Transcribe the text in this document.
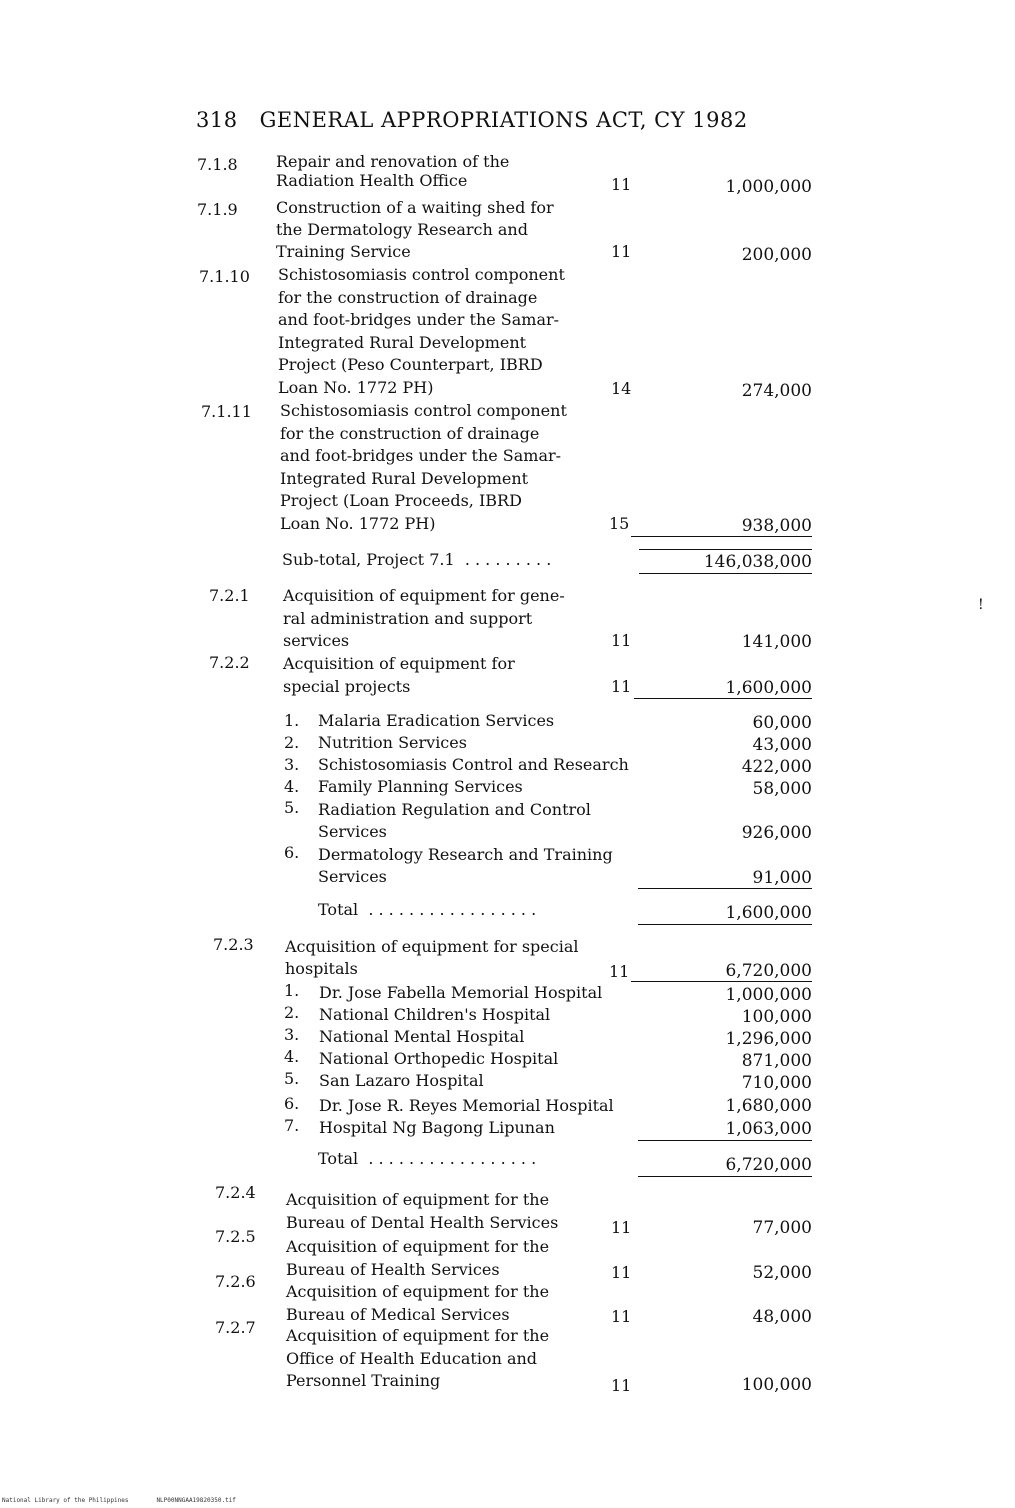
318 GENERAL APPROPRIATIONS ACT, CY 1982
7.1.8 Repair and renovation of the
Radiation Health Office	11	1,000,000
7.1.9 Construction of a waiting shed for
the Dermatology Research and
Training Service	11	200,000
7.1.10 Schistosomiasis control component
for the construction of drainage
and foot-bridges under the Samar-
Integrated Rural Development
Project (Peso Counterpart, IBRD
Loan No. 1772 PH)	14	274,000
7.1.11 Schistosomiasis control component
for the construction of drainage
and foot-bridges under the Samar-
Integrated Rural Development
Project (Loan Proceeds, IBRD
Loan No. 1772 PH)	15	938,000
Sub-total, Project 7.1 . . . . . . . . .	146,038,000
7.2.1 Acquisition of equipment for gene-
ral administration and support
services	11	141,000
7.2.2 Acquisition of equipment for
special projects	11	1,600,000
1. Malaria Eradication Services	60,000
2. Nutrition Services	43,000
3. Schistosomiasis Control and Research	422,000
4. Family Planning Services	58,000
5. Radiation Regulation and Control
Services	926,000
6. Dermatology Research and Training
Services	91,000
Total . . . . . . . . . . . . . . . . .	1,600,000
7.2.3 Acquisition of equipment for special
hospitals	11	6,720,000
1. Dr. Jose Fabella Memorial Hospital	1,000,000
2. National Children's Hospital	100,000
3. National Mental Hospital	1,296,000
4. National Orthopedic Hospital	871,000
5. San Lazaro Hospital	710,000
6. Dr. Jose R. Reyes Memorial Hospital	1,680,000
7. Hospital Ng Bagong Lipunan	1,063,000
Total . . . . . . . . . . . . . . . . .	6,720,000
7.2.4 Acquisition of equipment for the
Bureau of Dental Health Services	11	77,000
7.2.5
Acquisition of equipment for the
Bureau of Health Services	11	52,000
7.2.6
Acquisition of equipment for the
Bureau of Medical Services	11	48,000
7.2.7 Acquisition of equipment for the
Office of Health Education and
Personnel Training	11	100,000
!
National Library of the Philippines	NLP00NNGAA19820350.tif
